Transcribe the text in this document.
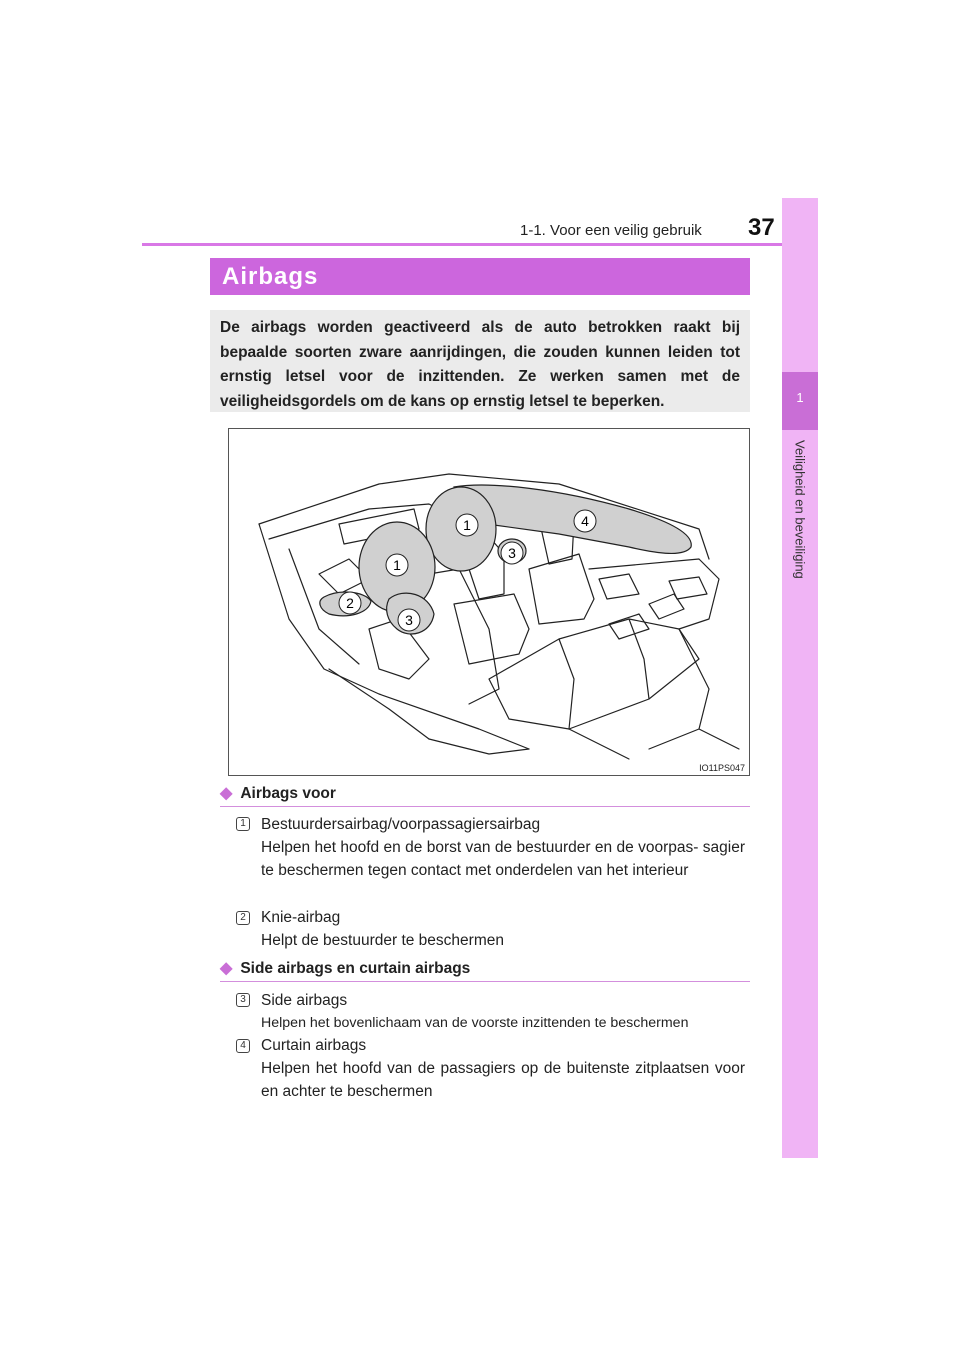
1-1. Voor een veilig gebruik 37
1
Veiligheid en beveiliging
Airbags
De airbags worden geactiveerd als de auto betrokken raakt bij bepaalde soorten zware aanrijdingen, die zouden kunnen leiden tot ernstig letsel voor de inzittenden. Ze werken samen met de veiligheidsgordels om de kans op ernstig letsel te beperken.
1
1
2
3
3
4
IO11PS047
◆ Airbags voor
1 Bestuurdersairbag/voorpassagiersairbag
Helpen het hoofd en de borst van de bestuurder en de voorpas- sagier te beschermen tegen contact met onderdelen van het interieur
2 Knie-airbag
Helpt de bestuurder te beschermen
◆ Side airbags en curtain airbags
3 Side airbags
Helpen het bovenlichaam van de voorste inzittenden te beschermen
4 Curtain airbags
Helpen het hoofd van de passagiers op de buitenste zitplaatsen voor en achter te beschermen
